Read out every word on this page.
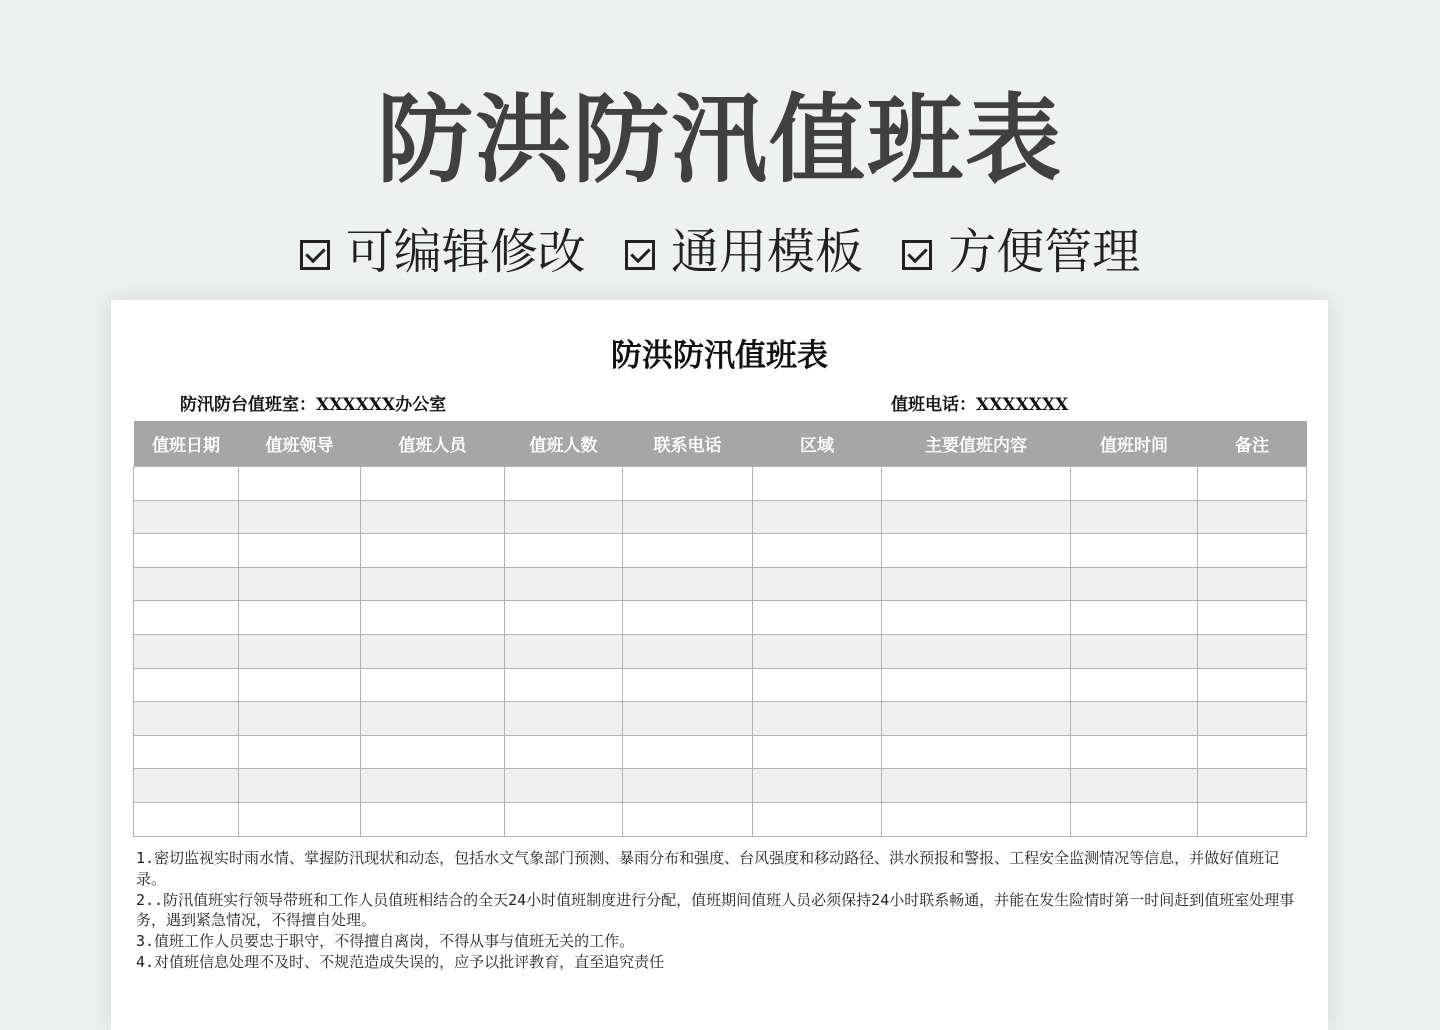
防洪防汛值班表
可编辑修改 通用模板 方便管理
防洪防汛值班表
防汛防台值班室：XXXXXX办公室	值班电话：XXXXXXX
值班日期	值班领导	值班人员	值班人数	联系电话	区域	主要值班内容	值班时间	备注

1.密切监视实时雨水情、掌握防汛现状和动态，包括水文气象部门预测、暴雨分布和强度、台风强度和移动路径、洪水预报和警报、工程安全监测情况等信息，并做好值班记录。

2..防汛值班实行领导带班和工作人员值班相结合的全天24小时值班制度进行分配，值班期间值班人员必须保持24小时联系畅通，并能在发生险情时第一时间赶到值班室处理事务，遇到紧急情况，不得擅自处理。

3.值班工作人员要忠于职守，不得擅自离岗，不得从事与值班无关的工作。

4.对值班信息处理不及时、不规范造成失误的，应予以批评教育，直至追究责任
